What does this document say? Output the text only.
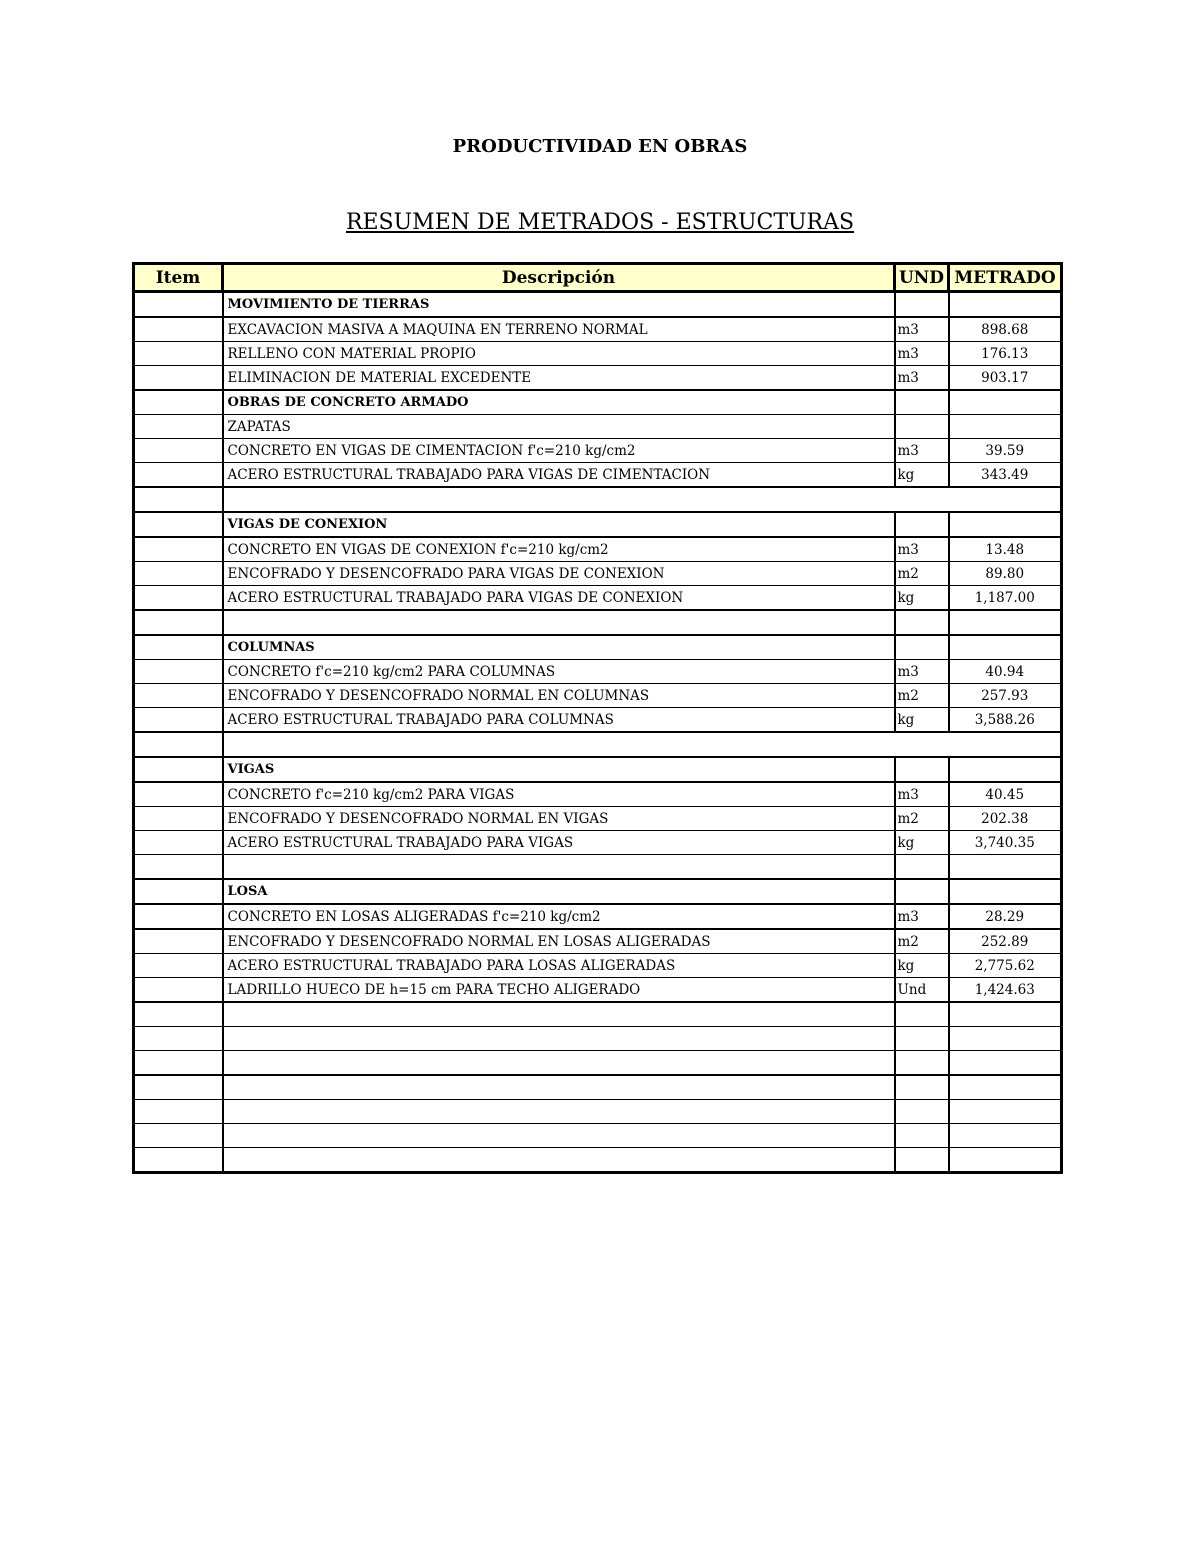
PRODUCTIVIDAD EN OBRAS
RESUMEN DE METRADOS - ESTRUCTURAS
Item	Descripción	UND	METRADO
	MOVIMIENTO DE TIERRAS		
	EXCAVACION MASIVA A MAQUINA EN TERRENO NORMAL	m3	898.68
	RELLENO CON MATERIAL PROPIO	m3	176.13
	ELIMINACION DE MATERIAL EXCEDENTE	m3	903.17
	OBRAS DE CONCRETO ARMADO		
	ZAPATAS		
	CONCRETO EN VIGAS DE CIMENTACION f'c=210 kg/cm2	m3	39.59
	ACERO ESTRUCTURAL TRABAJADO PARA VIGAS DE CIMENTACION	kg	343.49

	VIGAS DE CONEXION		
	CONCRETO EN VIGAS DE CONEXION f'c=210 kg/cm2	m3	13.48
	ENCOFRADO Y DESENCOFRADO PARA VIGAS DE CONEXION	m2	89.80
	ACERO ESTRUCTURAL TRABAJADO PARA VIGAS DE CONEXION	kg	1,187.00

	COLUMNAS		
	CONCRETO f'c=210 kg/cm2 PARA COLUMNAS	m3	40.94
	ENCOFRADO Y DESENCOFRADO NORMAL EN COLUMNAS	m2	257.93
	ACERO ESTRUCTURAL TRABAJADO PARA COLUMNAS	kg	3,588.26

	VIGAS		
	CONCRETO f'c=210 kg/cm2 PARA VIGAS	m3	40.45
	ENCOFRADO Y DESENCOFRADO NORMAL EN VIGAS	m2	202.38
	ACERO ESTRUCTURAL TRABAJADO PARA VIGAS	kg	3,740.35

	LOSA		
	CONCRETO EN LOSAS ALIGERADAS f'c=210 kg/cm2	m3	28.29
	ENCOFRADO Y DESENCOFRADO NORMAL EN LOSAS ALIGERADAS	m2	252.89
	ACERO ESTRUCTURAL TRABAJADO PARA LOSAS ALIGERADAS	kg	2,775.62
	LADRILLO HUECO DE h=15 cm PARA TECHO ALIGERADO	Und	1,424.63
